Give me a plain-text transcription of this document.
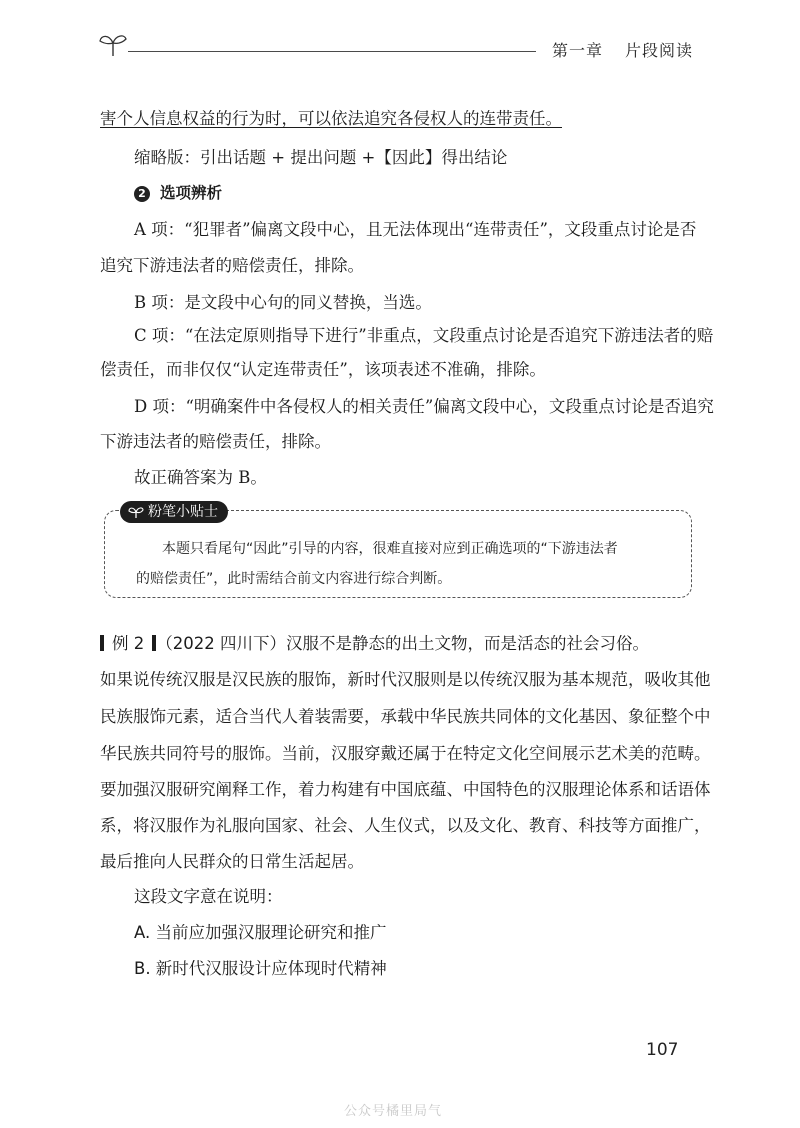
第一章 片段阅读
害个人信息权益的行为时，可以依法追究各侵权人的连带责任。
缩略版：引出话题 + 提出问题 +【因此】得出结论
2 选项辨析
A 项：“犯罪者”偏离文段中心，且无法体现出“连带责任”，文段重点讨论是否
追究下游违法者的赔偿责任，排除。
B 项：是文段中心句的同义替换，当选。
C 项：“在法定原则指导下进行”非重点，文段重点讨论是否追究下游违法者的赔
偿责任，而非仅仅“认定连带责任”，该项表述不准确，排除。
D 项：“明确案件中各侵权人的相关责任”偏离文段中心，文段重点讨论是否追究
下游违法者的赔偿责任，排除。
故正确答案为 B。
粉笔小贴士
本题只看尾句“因此”引导的内容，很难直接对应到正确选项的“下游违法者
的赔偿责任”，此时需结合前文内容进行综合判断。
例 2 （2022 四川下）汉服不是静态的出土文物，而是活态的社会习俗。
如果说传统汉服是汉民族的服饰，新时代汉服则是以传统汉服为基本规范，吸收其他
民族服饰元素，适合当代人着装需要，承载中华民族共同体的文化基因、象征整个中
华民族共同符号的服饰。当前，汉服穿戴还属于在特定文化空间展示艺术美的范畴。
要加强汉服研究阐释工作，着力构建有中国底蕴、中国特色的汉服理论体系和话语体
系，将汉服作为礼服向国家、社会、人生仪式，以及文化、教育、科技等方面推广，
最后推向人民群众的日常生活起居。
这段文字意在说明：
A. 当前应加强汉服理论研究和推广
B. 新时代汉服设计应体现时代精神
107
公众号橘里局气
